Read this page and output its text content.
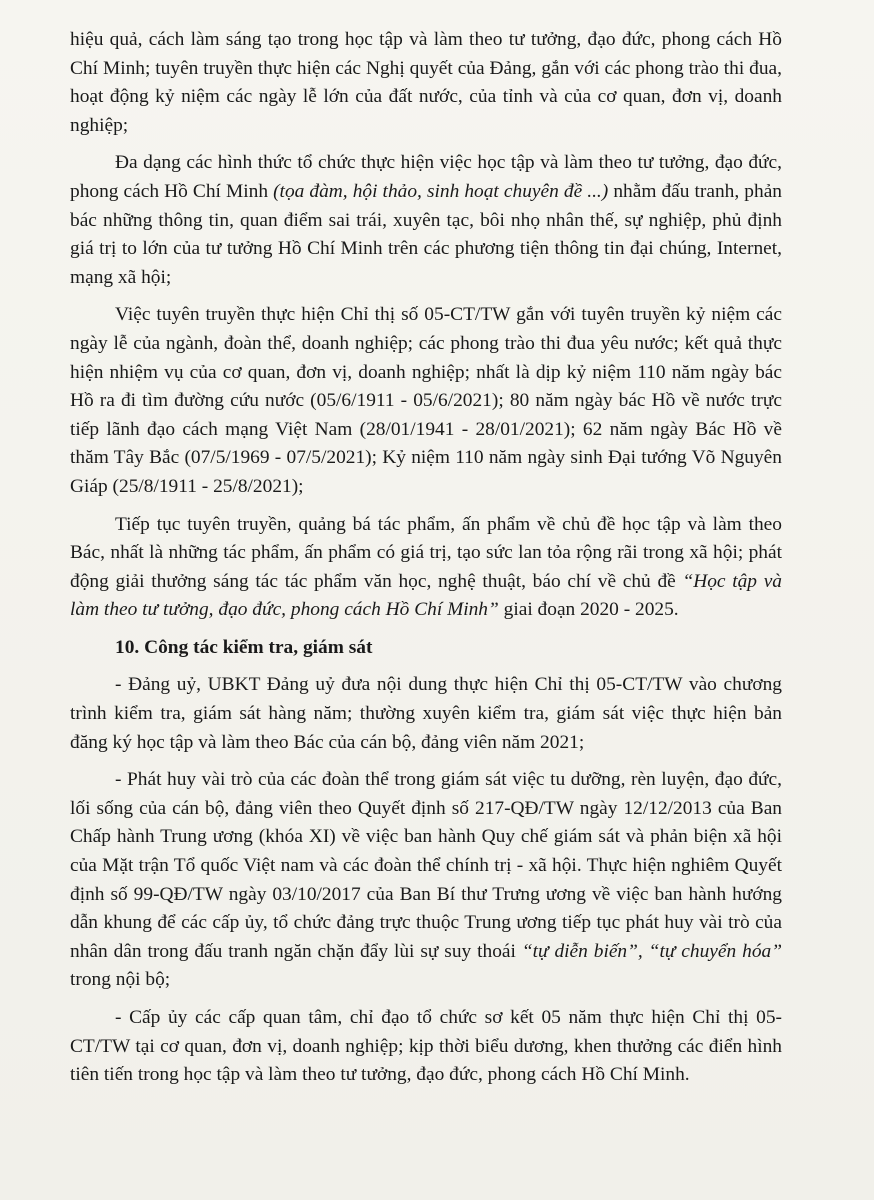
hiệu quả, cách làm sáng tạo trong học tập và làm theo tư tưởng, đạo đức, phong cách Hồ Chí Minh; tuyên truyền thực hiện các Nghị quyết của Đảng, gắn với các phong trào thi đua, hoạt động kỷ niệm các ngày lễ lớn của đất nước, của tỉnh và của cơ quan, đơn vị, doanh nghiệp;

Đa dạng các hình thức tổ chức thực hiện việc học tập và làm theo tư tưởng, đạo đức, phong cách Hồ Chí Minh (tọa đàm, hội thảo, sinh hoạt chuyên đề ...) nhằm đấu tranh, phản bác những thông tin, quan điểm sai trái, xuyên tạc, bôi nhọ nhân thế, sự nghiệp, phủ định giá trị to lớn của tư tưởng Hồ Chí Minh trên các phương tiện thông tin đại chúng, Internet, mạng xã hội;

Việc tuyên truyền thực hiện Chỉ thị số 05-CT/TW gắn với tuyên truyền kỷ niệm các ngày lễ của ngành, đoàn thể, doanh nghiệp; các phong trào thi đua yêu nước; kết quả thực hiện nhiệm vụ của cơ quan, đơn vị, doanh nghiệp; nhất là dịp kỷ niệm 110 năm ngày bác Hồ ra đi tìm đường cứu nước (05/6/1911 - 05/6/2021); 80 năm ngày bác Hồ về nước trực tiếp lãnh đạo cách mạng Việt Nam (28/01/1941 - 28/01/2021); 62 năm ngày Bác Hồ về thăm Tây Bắc (07/5/1969 - 07/5/2021); Kỷ niệm 110 năm ngày sinh Đại tướng Võ Nguyên Giáp (25/8/1911 - 25/8/2021);

Tiếp tục tuyên truyền, quảng bá tác phẩm, ấn phẩm về chủ đề học tập và làm theo Bác, nhất là những tác phẩm, ấn phẩm có giá trị, tạo sức lan tỏa rộng rãi trong xã hội; phát động giải thưởng sáng tác tác phẩm văn học, nghệ thuật, báo chí về chủ đề “Học tập và làm theo tư tưởng, đạo đức, phong cách Hồ Chí Minh” giai đoạn 2020 - 2025.

10. Công tác kiểm tra, giám sát

- Đảng uỷ, UBKT Đảng uỷ đưa nội dung thực hiện Chỉ thị 05-CT/TW vào chương trình kiểm tra, giám sát hàng năm; thường xuyên kiểm tra, giám sát việc thực hiện bản đăng ký học tập và làm theo Bác của cán bộ, đảng viên năm 2021;

- Phát huy vài trò của các đoàn thể trong giám sát việc tu dưỡng, rèn luyện, đạo đức, lối sống của cán bộ, đảng viên theo Quyết định số 217-QĐ/TW ngày 12/12/2013 của Ban Chấp hành Trung ương (khóa XI) về việc ban hành Quy chế giám sát và phản biện xã hội của Mặt trận Tổ quốc Việt nam và các đoàn thể chính trị - xã hội. Thực hiện nghiêm Quyết định số 99-QĐ/TW ngày 03/10/2017 của Ban Bí thư Trưng ương về việc ban hành hướng dẫn khung để các cấp ủy, tổ chức đảng trực thuộc Trung ương tiếp tục phát huy vài trò của nhân dân trong đấu tranh ngăn chặn đẩy lùi sự suy thoái “tự diễn biến”, “tự chuyển hóa” trong nội bộ;

- Cấp ủy các cấp quan tâm, chỉ đạo tổ chức sơ kết 05 năm thực hiện Chỉ thị 05-CT/TW tại cơ quan, đơn vị, doanh nghiệp; kịp thời biểu dương, khen thưởng các điển hình tiên tiến trong học tập và làm theo tư tưởng, đạo đức, phong cách Hồ Chí Minh.
